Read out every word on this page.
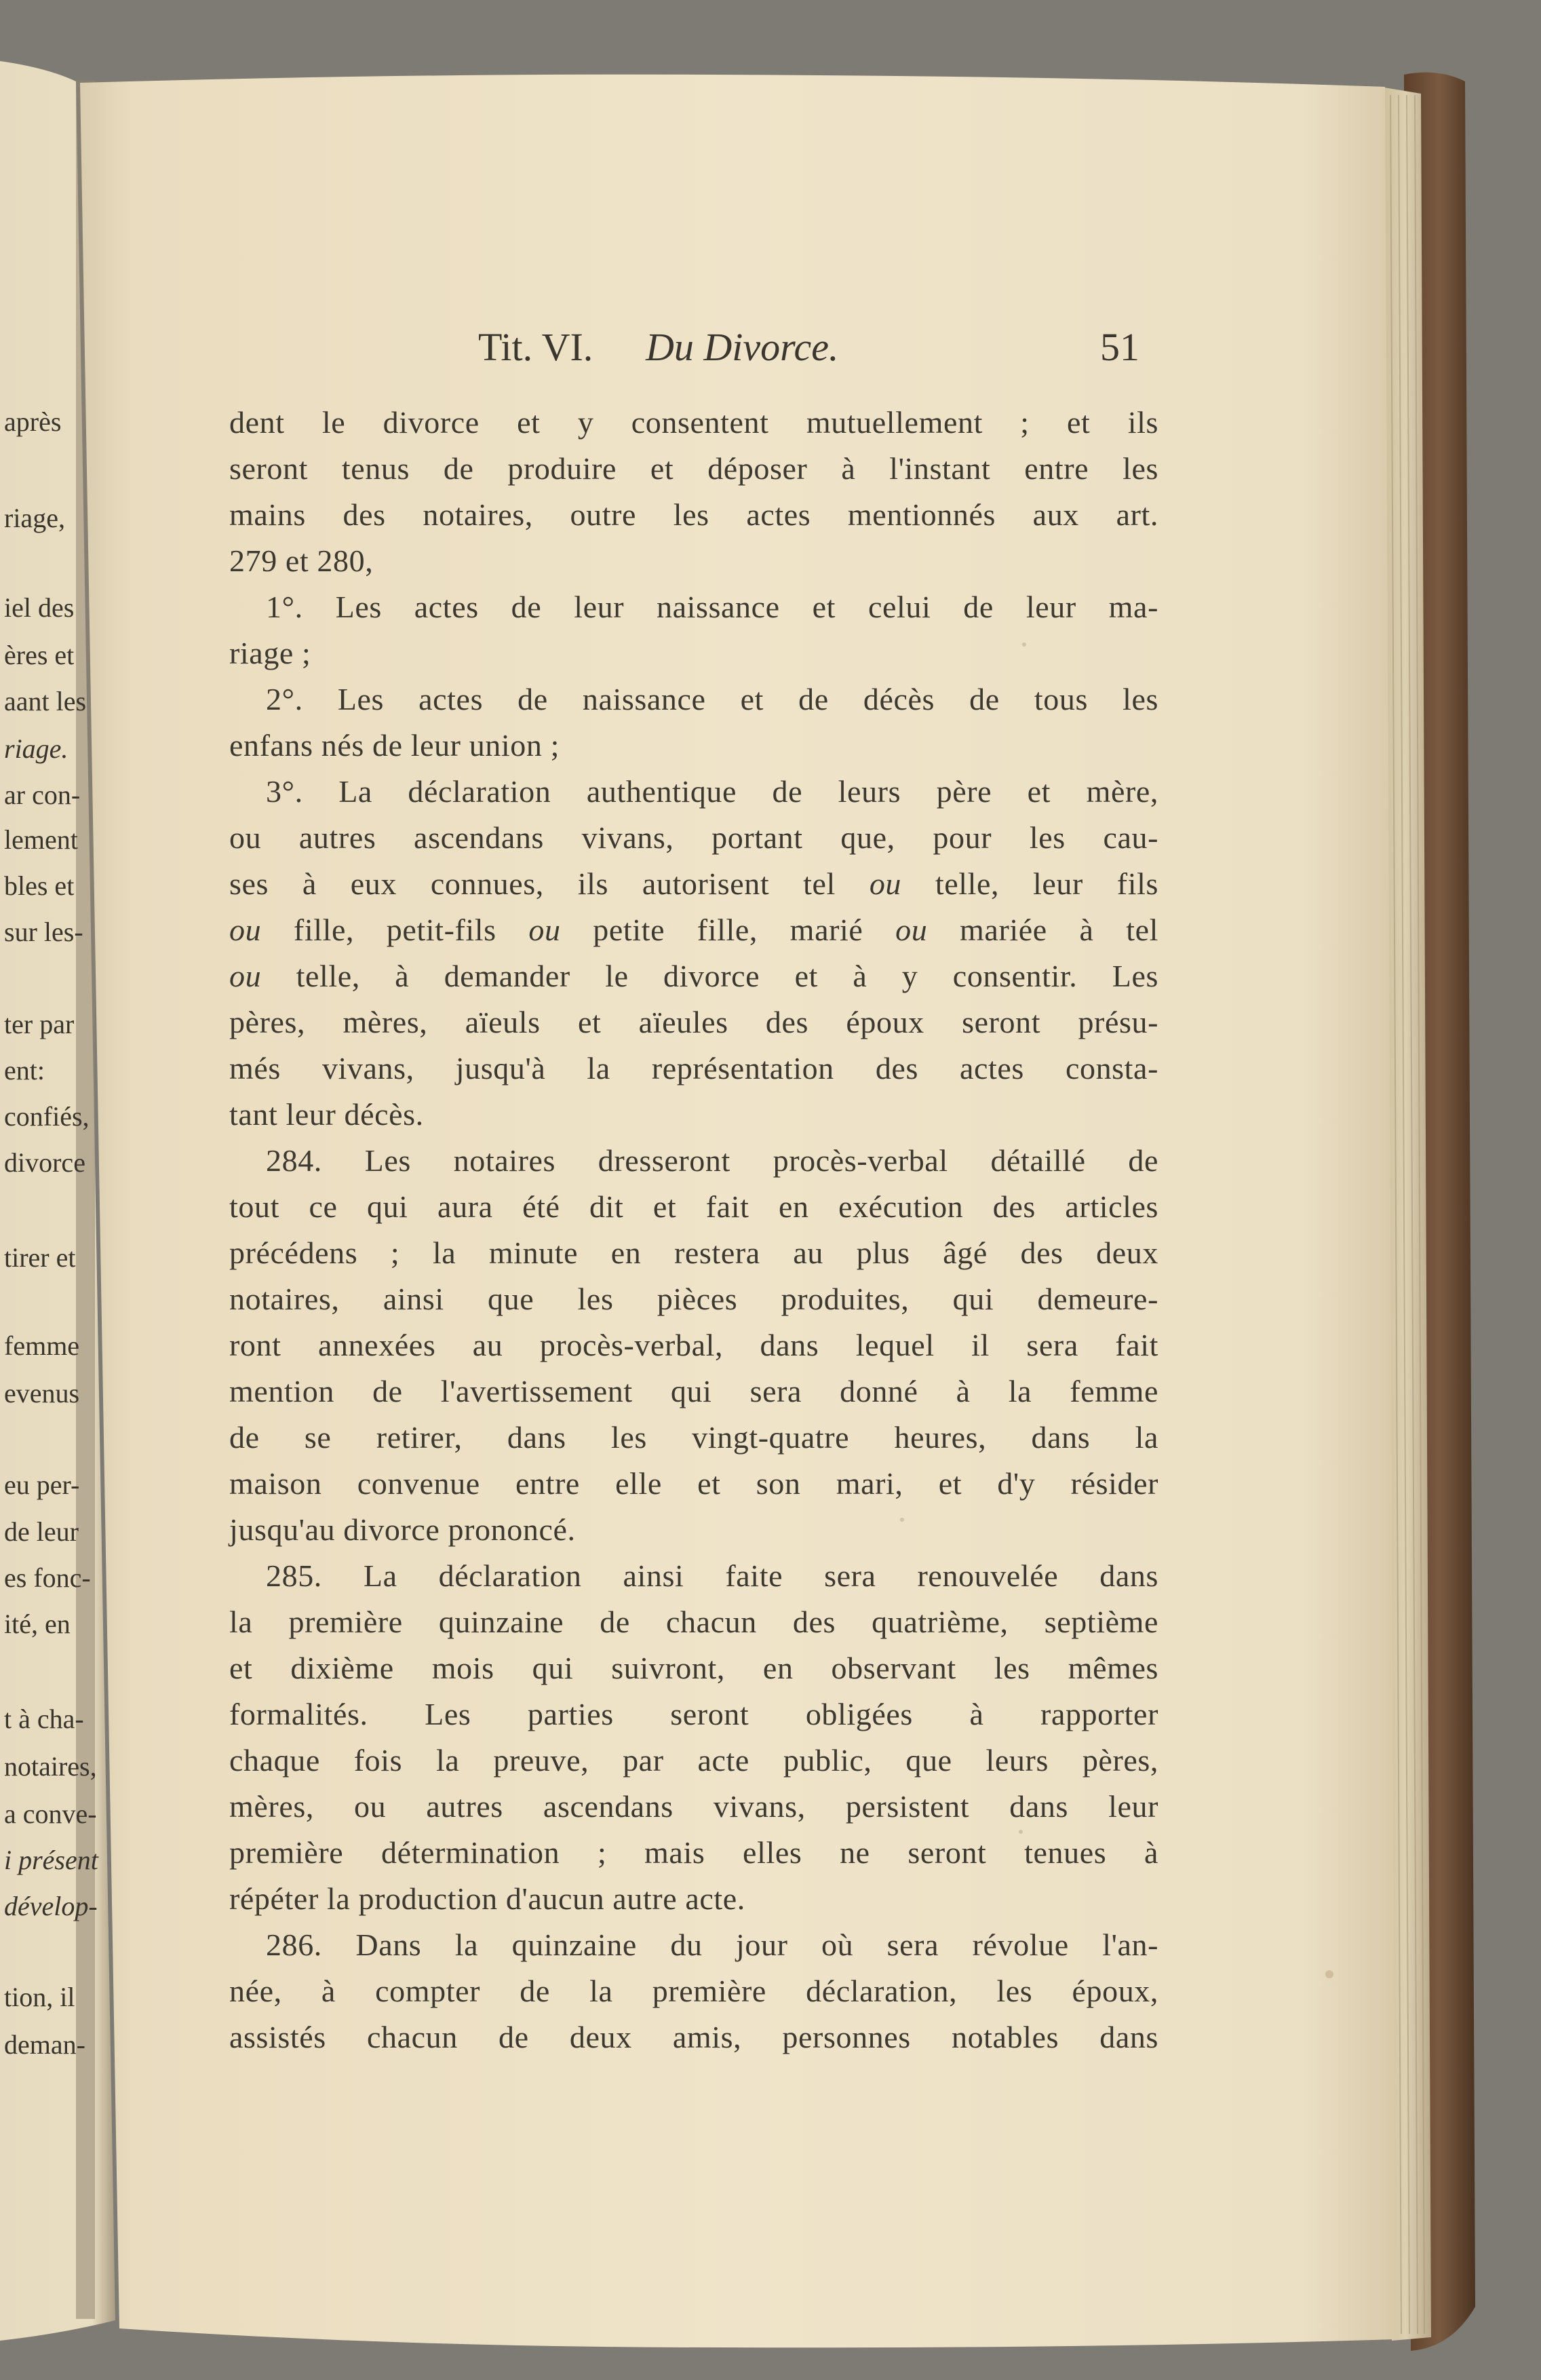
après
riage,
iel des
ères et
aant les
riage.
ar con-
lement
bles et
sur les-
ter par
ent:
confiés,
divorce
tirer et
femme
evenus
eu per-
de leur
es fonc-
ité, en
t à cha-
notaires,
a conve-
i présent
dévelop-
tion, il
deman-
Tit. VI. Du Divorce.	51
dent le divorce et y consentent mutuellement ; et ils
seront tenus de produire et déposer à l'instant entre les
mains des notaires, outre les actes mentionnés aux art.
279 et 280,
1°. Les actes de leur naissance et celui de leur ma-
riage ;
2°. Les actes de naissance et de décès de tous les
enfans nés de leur union ;
3°. La déclaration authentique de leurs père et mère,
ou autres ascendans vivans, portant que, pour les cau-
ses à eux connues, ils autorisent tel ou telle, leur fils
ou fille, petit-fils ou petite fille, marié ou mariée à tel
ou telle, à demander le divorce et à y consentir. Les
pères, mères, aïeuls et aïeules des époux seront présu-
més vivans, jusqu'à la représentation des actes consta-
tant leur décès.
284. Les notaires dresseront procès-verbal détaillé de
tout ce qui aura été dit et fait en exécution des articles
précédens ; la minute en restera au plus âgé des deux
notaires, ainsi que les pièces produites, qui demeure-
ront annexées au procès-verbal, dans lequel il sera fait
mention de l'avertissement qui sera donné à la femme
de se retirer, dans les vingt-quatre heures, dans la
maison convenue entre elle et son mari, et d'y résider
jusqu'au divorce prononcé.
285. La déclaration ainsi faite sera renouvelée dans
la première quinzaine de chacun des quatrième, septième
et dixième mois qui suivront, en observant les mêmes
formalités. Les parties seront obligées à rapporter
chaque fois la preuve, par acte public, que leurs pères,
mères, ou autres ascendans vivans, persistent dans leur
première détermination ; mais elles ne seront tenues à
répéter la production d'aucun autre acte.
286. Dans la quinzaine du jour où sera révolue l'an-
née, à compter de la première déclaration, les époux,
assistés chacun de deux amis, personnes notables dans
